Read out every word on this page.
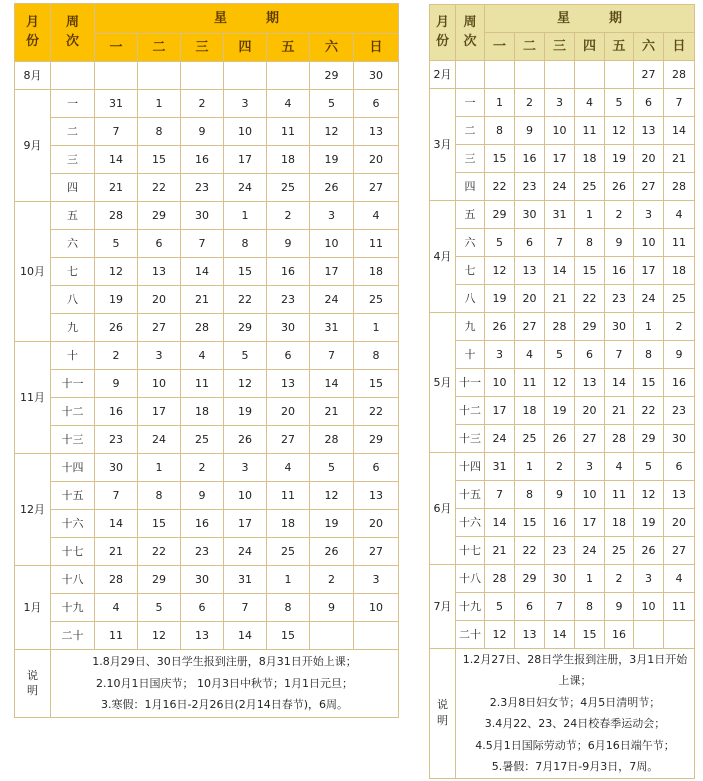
月份	周次	星　　　期						
		一	二	三	四	五	六	日
8月							29	30
9月	一	31	1	2	3	4	5	6
	二	7	8	9	10	11	12	13
	三	14	15	16	17	18	19	20
	四	21	22	23	24	25	26	27
10月	五	28	29	30	1	2	3	4
	六	5	6	7	8	9	10	11
	七	12	13	14	15	16	17	18
	八	19	20	21	22	23	24	25
	九	26	27	28	29	30	31	1
11月	十	2	3	4	5	6	7	8
	十一	9	10	11	12	13	14	15
	十二	16	17	18	19	20	21	22
	十三	23	24	25	26	27	28	29
12月	十四	30	1	2	3	4	5	6
	十五	7	8	9	10	11	12	13
	十六	14	15	16	17	18	19	20
	十七	21	22	23	24	25	26	27
1月	十八	28	29	30	31	1	2	3
	十九	4	5	6	7	8	9	10
	二十	11	12	13	14	15		
说明	1.8月29日、30日学生报到注册，8月31日开始上课；
2.10月1日国庆节； 10月3日中秋节；1月1日元旦；
3.寒假：1月16日-2月26日(2月14日春节)，6周。							
月份	周次	星　　　期						
		一	二	三	四	五	六	日
2月							27	28
3月	一	1	2	3	4	5	6	7
	二	8	9	10	11	12	13	14
	三	15	16	17	18	19	20	21
	四	22	23	24	25	26	27	28
4月	五	29	30	31	1	2	3	4
	六	5	6	7	8	9	10	11
	七	12	13	14	15	16	17	18
	八	19	20	21	22	23	24	25
5月	九	26	27	28	29	30	1	2
	十	3	4	5	6	7	8	9
	十一	10	11	12	13	14	15	16
	十二	17	18	19	20	21	22	23
	十三	24	25	26	27	28	29	30
6月	十四	31	1	2	3	4	5	6
	十五	7	8	9	10	11	12	13
	十六	14	15	16	17	18	19	20
	十七	21	22	23	24	25	26	27
7月	十八	28	29	30	1	2	3	4
	十九	5	6	7	8	9	10	11
	二十	12	13	14	15	16		
说明	1.2月27日、28日学生报到注册，3月1日开始上课；
2.3月8日妇女节；4月5日清明节；
3.4月22、23、24日校春季运动会；
4.5月1日国际劳动节；6月16日端午节；
5.暑假：7月17日-9月3日，7周。							
